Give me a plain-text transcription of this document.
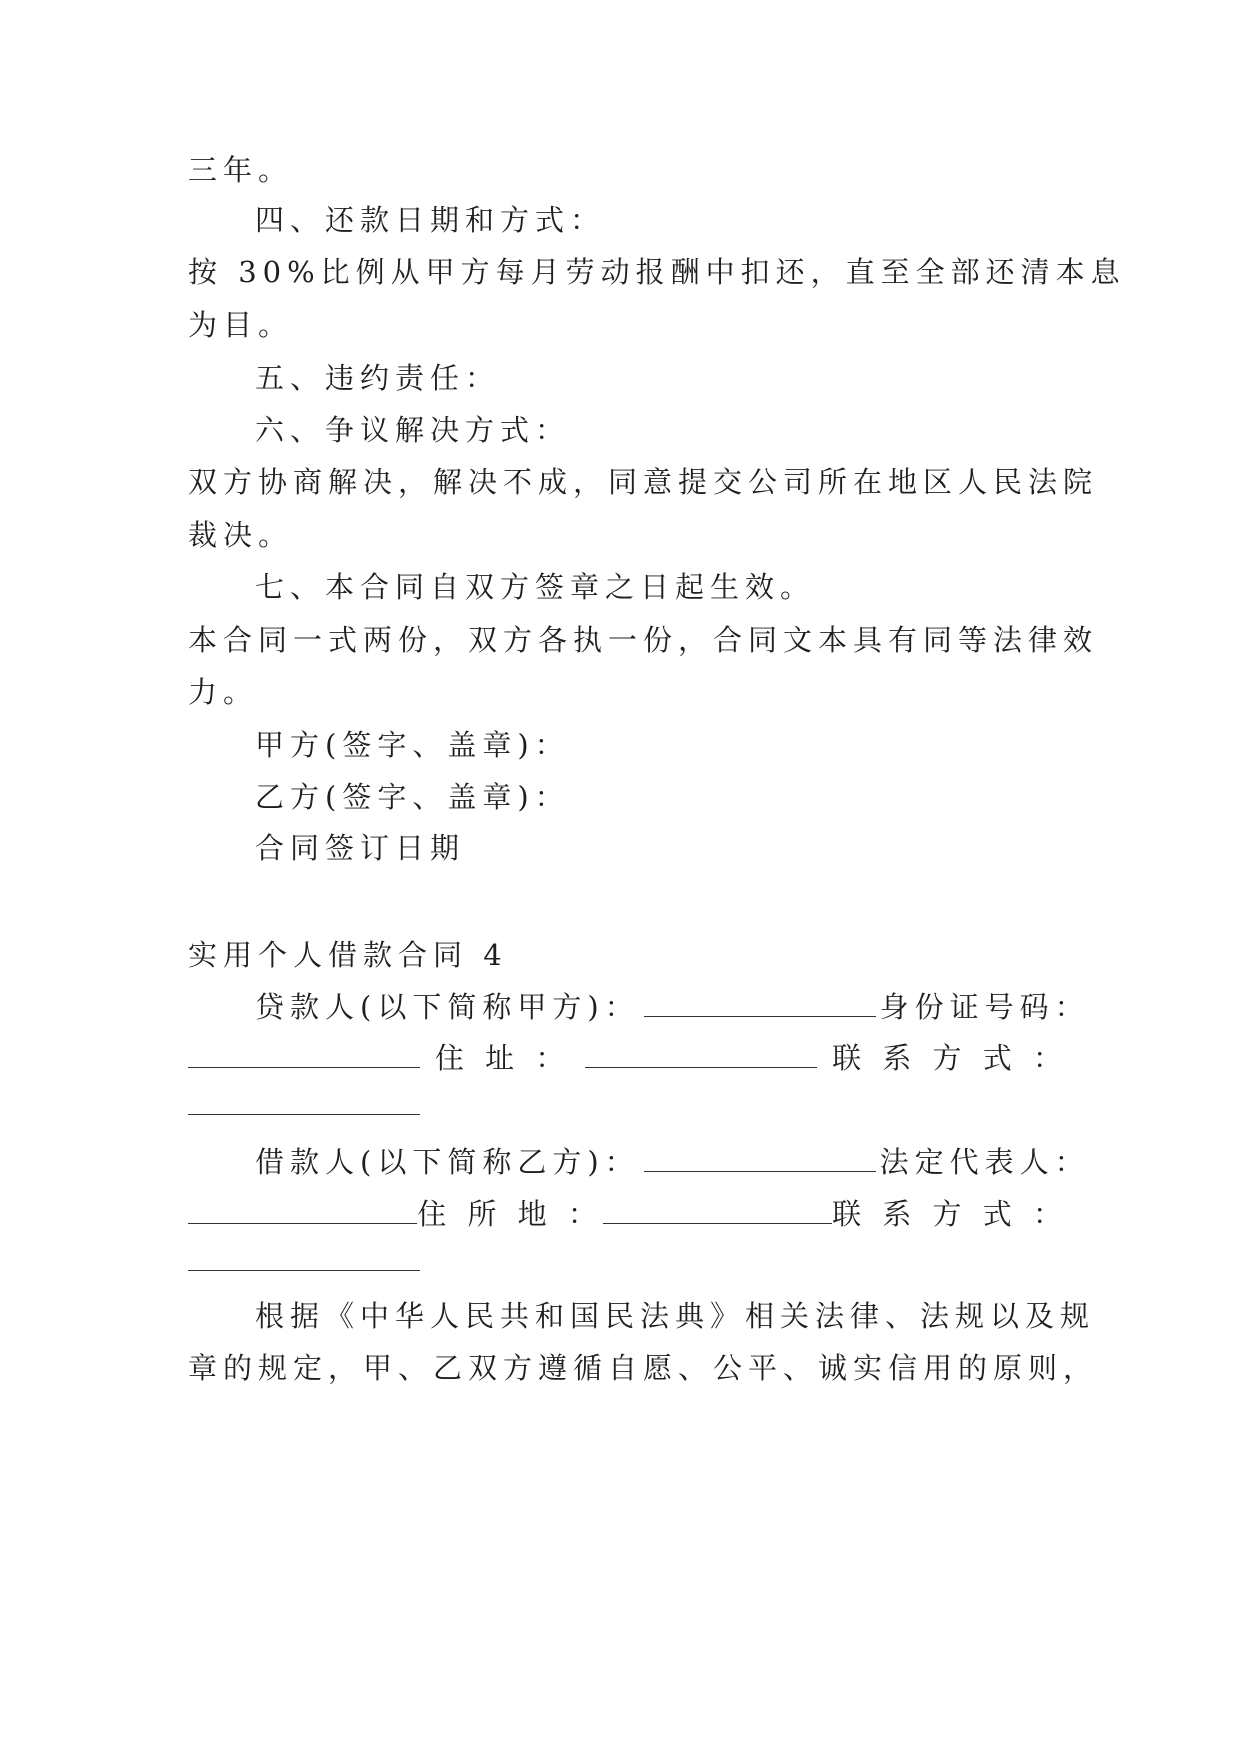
三年。
四、还款日期和方式：
按 30%比例从甲方每月劳动报酬中扣还，直至全部还清本息
为目。
五、违约责任：
六、争议解决方式：
双方协商解决，解决不成，同意提交公司所在地区人民法院
裁决。
七、本合同自双方签章之日起生效。
本合同一式两份，双方各执一份，合同文本具有同等法律效
力。
甲方(签字、盖章)：
乙方(签字、盖章)：
合同签订日期
实用个人借款合同 4
贷款人(以下简称甲方)：	身份证号码：
住 址 ：	联 系 方 式 ：
借款人(以下简称乙方)：	法定代表人：
住 所 地 ：	联 系 方 式 ：
根据《中华人民共和国民法典》相关法律、法规以及规
章的规定，甲、乙双方遵循自愿、公平、诚实信用的原则，
